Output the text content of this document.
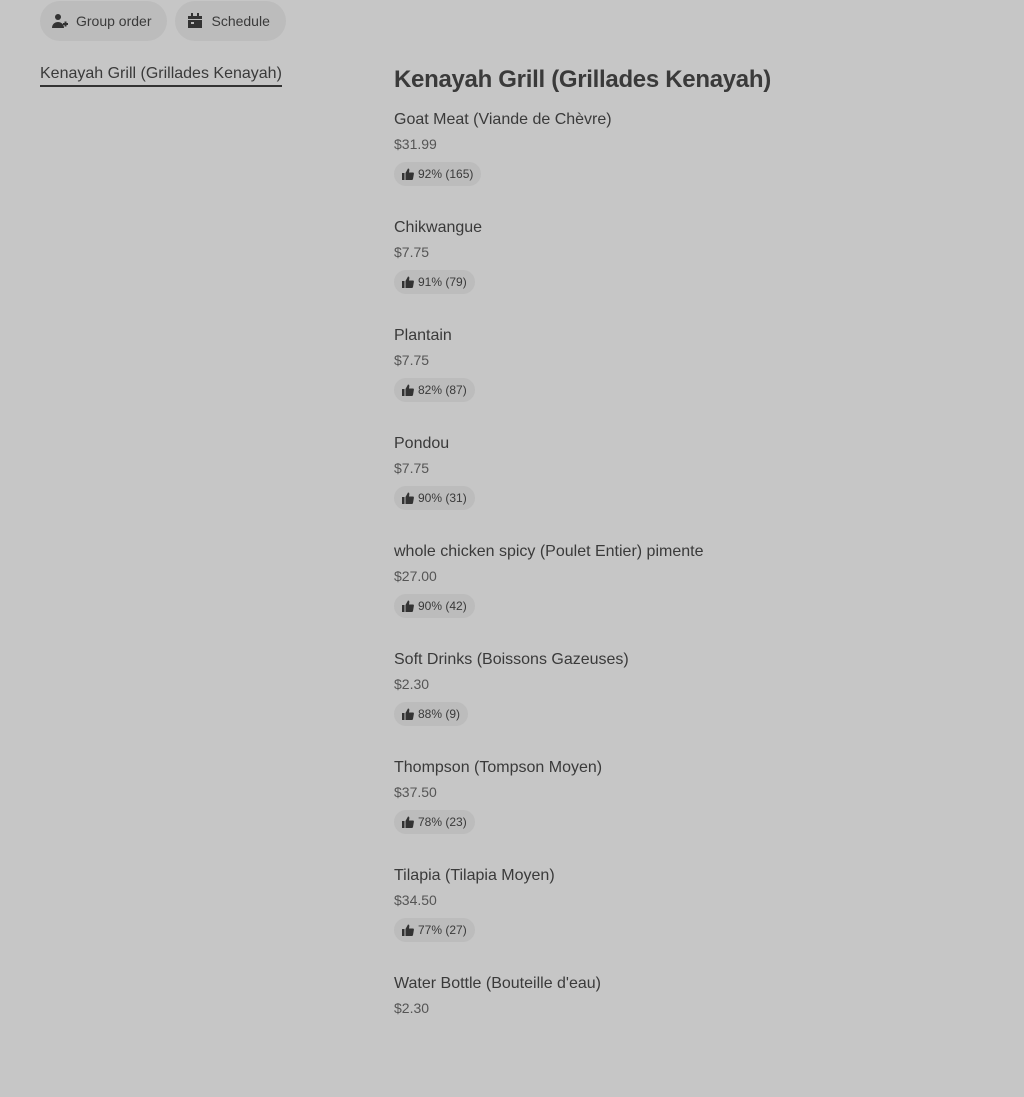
Group order	Schedule
Kenayah Grill (Grillades Kenayah)	Kenayah Grill (Grillades Kenayah)
Goat Meat (Viande de Chèvre)
$31.99
92% (165)
Chikwangue
$7.75
91% (79)
Plantain
$7.75
82% (87)
Pondou
$7.75
90% (31)
whole chicken spicy (Poulet Entier) pimente
$27.00
90% (42)
Soft Drinks (Boissons Gazeuses)
$2.30
88% (9)
Thompson (Tompson Moyen)
$37.50
78% (23)
Tilapia (Tilapia Moyen)
$34.50
77% (27)
Water Bottle (Bouteille d'eau)
$2.30
